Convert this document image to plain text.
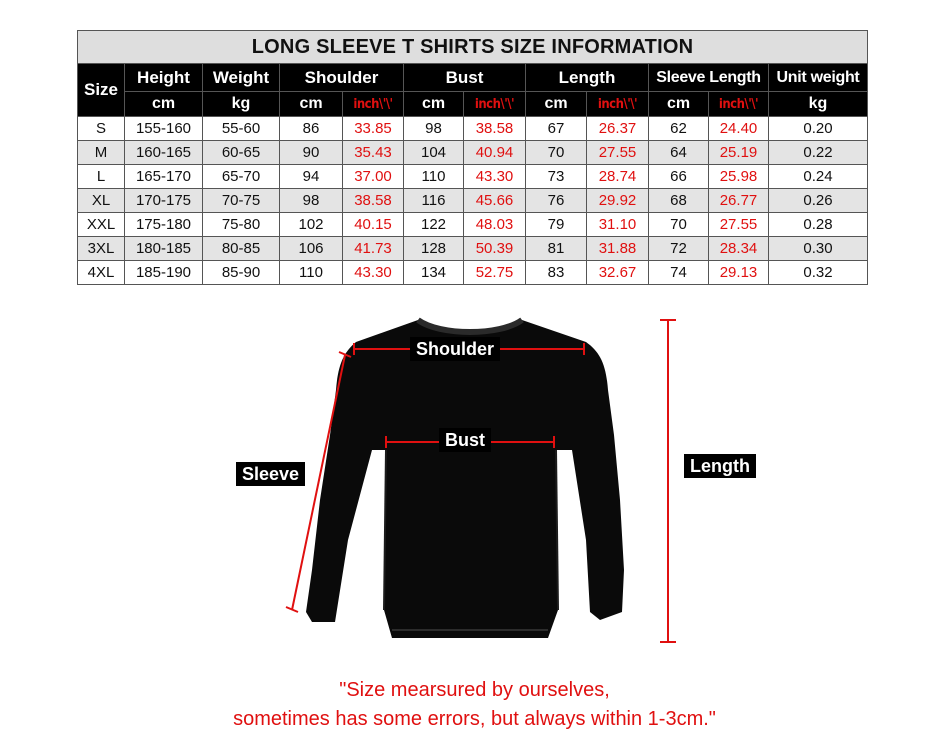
LONG SLEEVE T SHIRTS SIZE INFORMATION											
Size	Height	Weight	Shoulder		Bust		Length		Sleeve Length		Unit weight
	cm	kg	cm	inch\'\'	cm	inch\'\'	cm	inch\'\'	cm	inch\'\'	kg
S	155-160	55-60	86	33.85	98	38.58	67	26.37	62	24.40	0.20
M	160-165	60-65	90	35.43	104	40.94	70	27.55	64	25.19	0.22
L	165-170	65-70	94	37.00	110	43.30	73	28.74	66	25.98	0.24
XL	170-175	70-75	98	38.58	116	45.66	76	29.92	68	26.77	0.26
XXL	175-180	75-80	102	40.15	122	48.03	79	31.10	70	27.55	0.28
3XL	180-185	80-85	106	41.73	128	50.39	81	31.88	72	28.34	0.30
4XL	185-190	85-90	110	43.30	134	52.75	83	32.67	74	29.13	0.32
Shoulder
Bust
Sleeve	Length
"Size mearsured by ourselves,
sometimes has some errors, but always within 1-3cm."
